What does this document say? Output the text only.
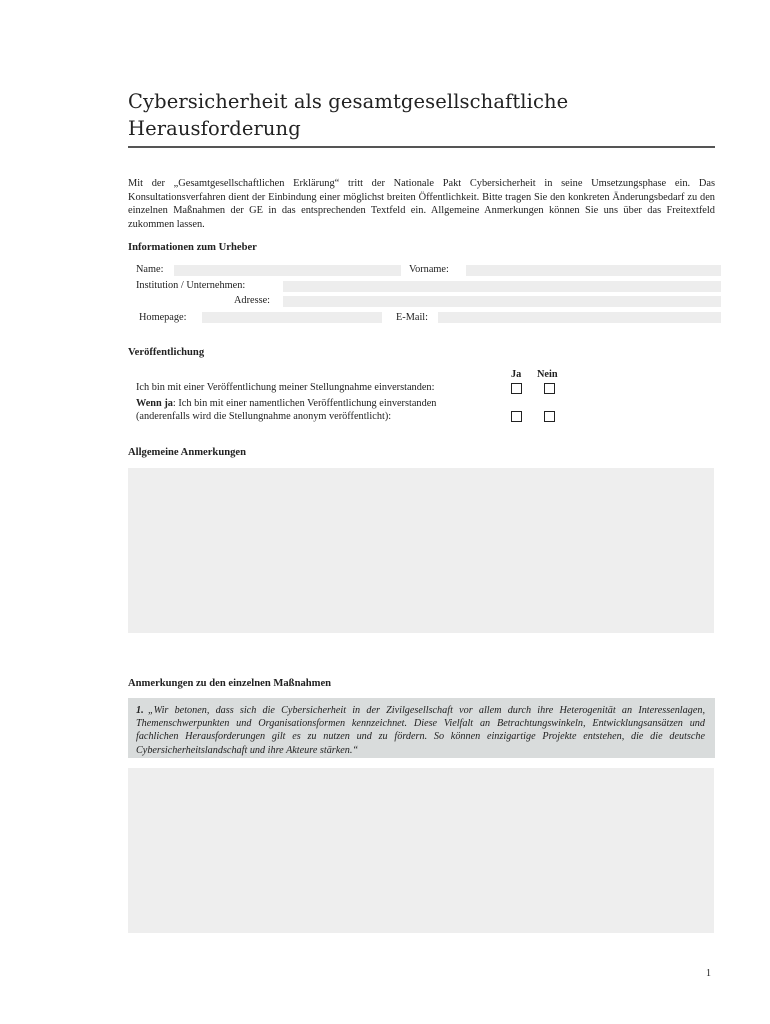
Cybersicherheit als gesamtgesellschaftliche
Herausforderung
Mit der „Gesamtgesellschaftlichen Erklärung“ tritt der Nationale Pakt Cybersicherheit in seine Umsetzungsphase ein. Das Konsultationsverfahren dient der Einbindung einer möglichst breiten Öffentlichkeit. Bitte tragen Sie den konkreten Änderungsbedarf zu den einzelnen Maßnahmen der GE in das entsprechenden Textfeld ein. Allgemeine Anmerkungen können Sie uns über das Freitextfeld zukommen lassen.
Informationen zum Urheber
Name:	Vorname:
Institution / Unternehmen:
Adresse:
Homepage:	E-Mail:
Veröffentlichung
Ja Nein
Ich bin mit einer Veröffentlichung meiner Stellungnahme einverstanden:
Wenn ja: Ich bin mit einer namentlichen Veröffentlichung einverstanden
(anderenfalls wird die Stellungnahme anonym veröffentlicht):
Allgemeine Anmerkungen
Anmerkungen zu den einzelnen Maßnahmen
1. „Wir betonen, dass sich die Cybersicherheit in der Zivilgesellschaft vor allem durch ihre Heterogenität an Interessenlagen, Themenschwerpunkten und Organisationsformen kennzeichnet. Diese Vielfalt an Betrachtungswinkeln, Entwicklungsansätzen und fachlichen Herausforderungen gilt es zu nutzen und zu fördern. So können einzigartige Projekte entstehen, die die deutsche Cybersicherheitslandschaft und ihre Akteure stärken.“
1
